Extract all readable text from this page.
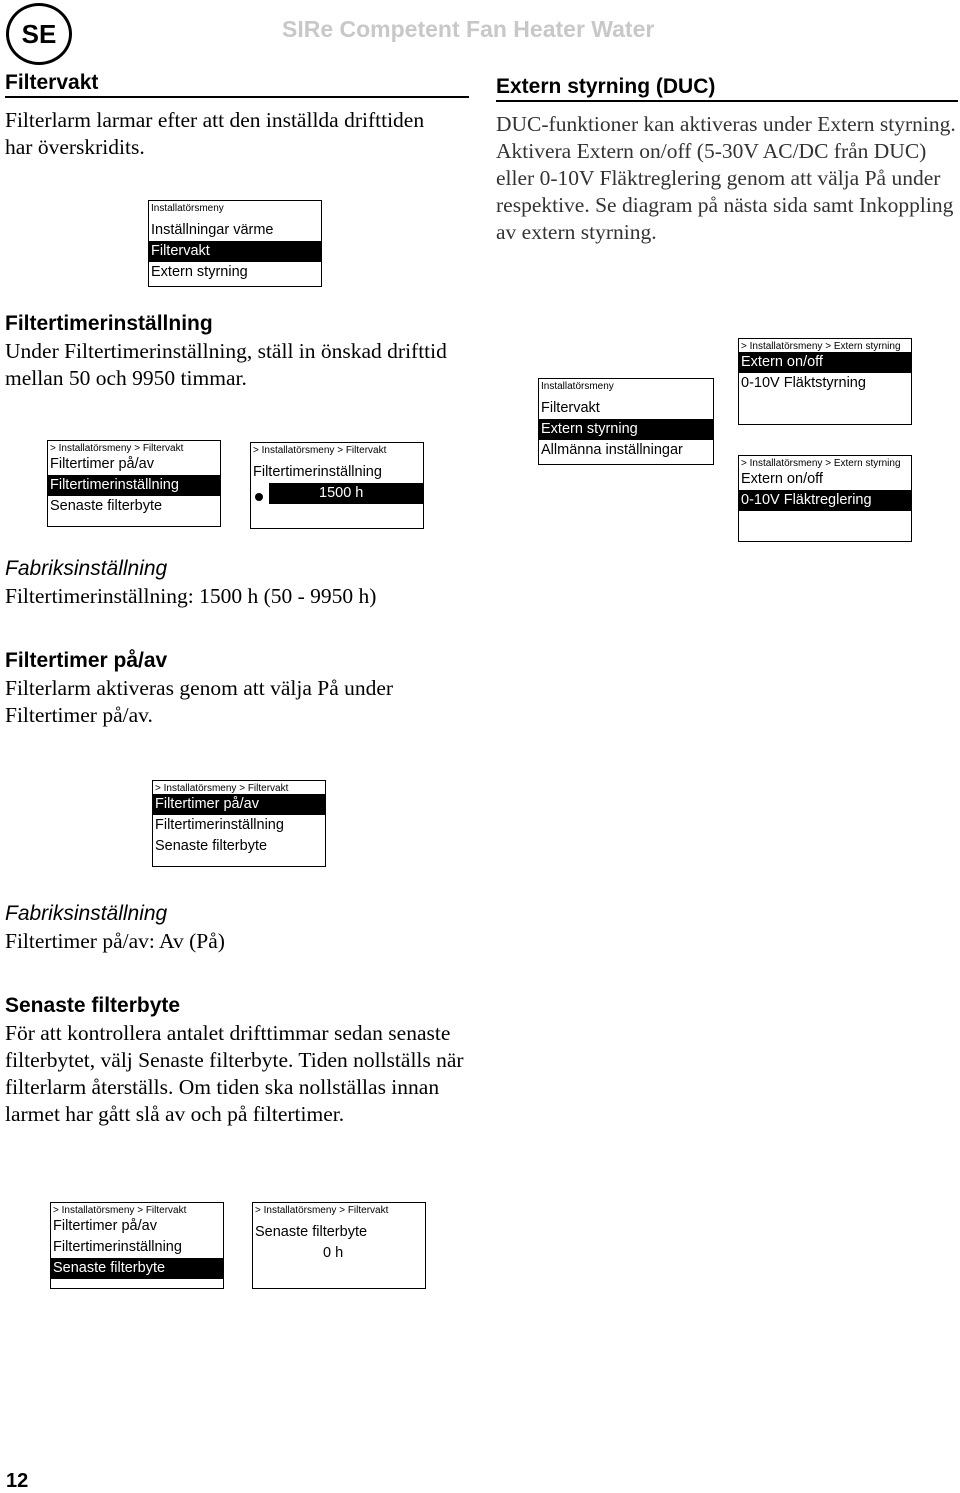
SE	SIRe Competent Fan Heater Water
Filtervakt
Filterlarm larmar efter att den inställda drifttiden har överskridits.
Installatörsmeny
Inställningar värme
Filtervakt
Extern styrning
Filtertimerinställning
Under Filtertimerinställning, ställ in önskad drifttid mellan 50 och 9950 timmar.
> Installatörsmeny > Filtervakt
Filtertimer på/av
Filtertimerinställning
Senaste filterbyte
> Installatörsmeny > Filtervakt
Filtertimerinställning
1500 h
Fabriksinställning
Filtertimerinställning: 1500 h (50 - 9950 h)
Filtertimer på/av
Filterlarm aktiveras genom att välja På under Filtertimer på/av.
> Installatörsmeny > Filtervakt
Filtertimer på/av
Filtertimerinställning
Senaste filterbyte
Fabriksinställning
Filtertimer på/av: Av (På)
Senaste filterbyte
För att kontrollera antalet drifttimmar sedan senaste filterbytet, välj Senaste filterbyte. Tiden nollställs när filterlarm återställs. Om tiden ska nollställas innan larmet har gått slå av och på filtertimer.
> Installatörsmeny > Filtervakt
Filtertimer på/av
Filtertimerinställning
Senaste filterbyte
> Installatörsmeny > Filtervakt
Senaste filterbyte
0 h
Extern styrning (DUC)
DUC-funktioner kan aktiveras under Extern styrning. Aktivera Extern on/off (5-30V AC/DC från DUC) eller 0-10V Fläktreglering genom att välja På under respektive. Se diagram på nästa sida samt Inkoppling av extern styrning.
Installatörsmeny
Filtervakt
Extern styrning
Allmänna inställningar
> Installatörsmeny > Extern styrning
Extern on/off
0-10V Fläktstyrning
> Installatörsmeny > Extern styrning
Extern on/off
0-10V Fläktreglering
12
